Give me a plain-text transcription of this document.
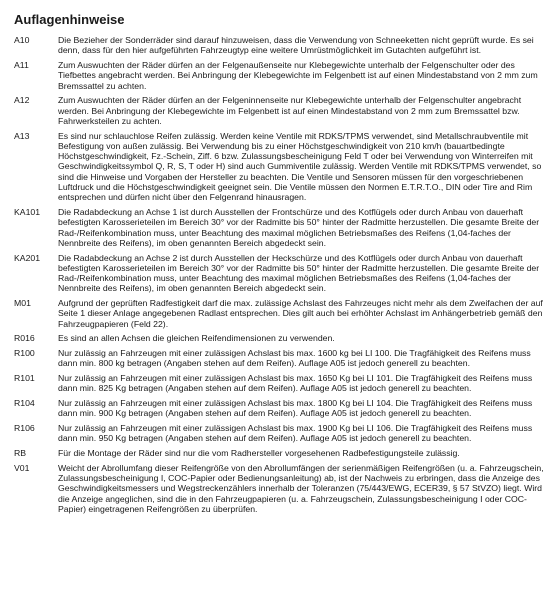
Auflagenhinweise
A10	Die Bezieher der Sonderräder sind darauf hinzuweisen, dass die Verwendung von Schneeketten nicht geprüft wurde. Es sei denn, dass für den hier aufgeführten Fahrzeugtyp eine weitere Umrüstmöglichkeit im Gutachten aufgeführt ist.
A11	Zum Auswuchten der Räder dürfen an der Felgenaußenseite nur Klebegewichte unterhalb der Felgenschulter oder des Tiefbettes angebracht werden. Bei Anbringung der Klebegewichte im Felgenbett ist auf einen Mindestabstand von 2 mm zum Bremssattel zu achten.
A12	Zum Auswuchten der Räder dürfen an der Felgeninnenseite nur Klebegewichte unterhalb der Felgenschulter angebracht werden. Bei Anbringung der Klebegewichte im Felgenbett ist auf einen Mindestabstand von 2 mm zum Bremssattel bzw. Fahrwerksteilen zu achten.
A13	Es sind nur schlauchlose Reifen zulässig. Werden keine Ventile mit RDKS/TPMS verwendet, sind Metallschraubventile mit Befestigung von außen zulässig. Bei Verwendung bis zu einer Höchstgeschwindigkeit von 210 km/h (bauartbedingte Höchstgeschwindigkeit, Fz.-Schein, Ziff. 6 bzw. Zulassungsbescheinigung Feld T oder bei Verwendung von Winterreifen mit Geschwindigkeitssymbol Q, R, S, T oder H) sind auch Gummiventile zulässig. Werden Ventile mit RDKS/TPMS verwendet, so sind die Hinweise und Vorgaben der Hersteller zu beachten. Die Ventile und Sensoren müssen für den vorgeschriebenen Luftdruck und die Höchstgeschwindigkeit geeignet sein. Die Ventile müssen den Normen E.T.R.T.O., DIN oder Tire and Rim entsprechen und dürfen nicht über den Felgenrand hinausragen.
KA101	Die Radabdeckung an Achse 1 ist durch Ausstellen der Frontschürze und des Kotflügels oder durch Anbau von dauerhaft befestigten Karosserieteilen im Bereich 30° vor der Radmitte bis 50° hinter der Radmitte herzustellen. Die gesamte Breite der Rad-/Reifenkombination muss, unter Beachtung des maximal möglichen Betriebsmaßes des Reifens (1,04-faches der Nennbreite des Reifens), im oben genannten Bereich abgedeckt sein.
KA201	Die Radabdeckung an Achse 2 ist durch Ausstellen der Heckschürze und des Kotflügels oder durch Anbau von dauerhaft befestigten Karosserieteilen im Bereich 30° vor der Radmitte bis 50° hinter der Radmitte herzustellen. Die gesamte Breite der Rad-/Reifenkombination muss, unter Beachtung des maximal möglichen Betriebsmaßes des Reifens (1,04-faches der Nennbreite des Reifens), im oben genannten Bereich abgedeckt sein.
M01	Aufgrund der geprüften Radfestigkeit darf die max. zulässige Achslast des Fahrzeuges nicht mehr als dem Zweifachen der auf Seite 1 dieser Anlage angegebenen Radlast entsprechen. Dies gilt auch bei erhöhter Achslast im Anhängerbetrieb gemäß den Fahrzeugpapieren (Feld 22).
R016	Es sind an allen Achsen die gleichen Reifendimensionen zu verwenden.
R100	Nur zulässig an Fahrzeugen mit einer zulässigen Achslast bis max. 1600 kg bei LI 100. Die Tragfähigkeit des Reifens muss dann min. 800 kg betragen (Angaben stehen auf dem Reifen). Auflage A05 ist jedoch generell zu beachten.
R101	Nur zulässig an Fahrzeugen mit einer zulässigen Achslast bis max. 1650 Kg bei LI 101. Die Tragfähigkeit des Reifens muss dann min. 825 Kg betragen (Angaben stehen auf dem Reifen). Auflage A05 ist jedoch generell zu beachten.
R104	Nur zulässig an Fahrzeugen mit einer zulässigen Achslast bis max. 1800 Kg bei LI 104. Die Tragfähigkeit des Reifens muss dann min. 900 Kg betragen (Angaben stehen auf dem Reifen). Auflage A05 ist jedoch generell zu beachten.
R106	Nur zulässig an Fahrzeugen mit einer zulässigen Achslast bis max. 1900 Kg bei LI 106. Die Tragfähigkeit des Reifens muss dann min. 950 Kg betragen (Angaben stehen auf dem Reifen). Auflage A05 ist jedoch generell zu beachten.
RB	Für die Montage der Räder sind nur die vom Radhersteller vorgesehenen Radbefestigungsteile zulässig.
V01	Weicht der Abrollumfang dieser Reifengröße von den Abrollumfängen der serienmäßigen Reifengrößen (u. a. Fahrzeugschein, Zulassungsbescheinigung I, COC-Papier oder Bedienungsanleitung) ab, ist der Nachweis zu erbringen, dass die Anzeige des Geschwindigkeitsmessers und Wegstreckenzählers innerhalb der Toleranzen (75/443/EWG, ECER39, § 57 StVZO) liegt. Wird die Anzeige angeglichen, sind die in den Fahrzeugpapieren (u. a. Fahrzeugschein, Zulassungsbescheinigung I oder COC-Papier) eingetragenen Reifengrößen zu überprüfen.
